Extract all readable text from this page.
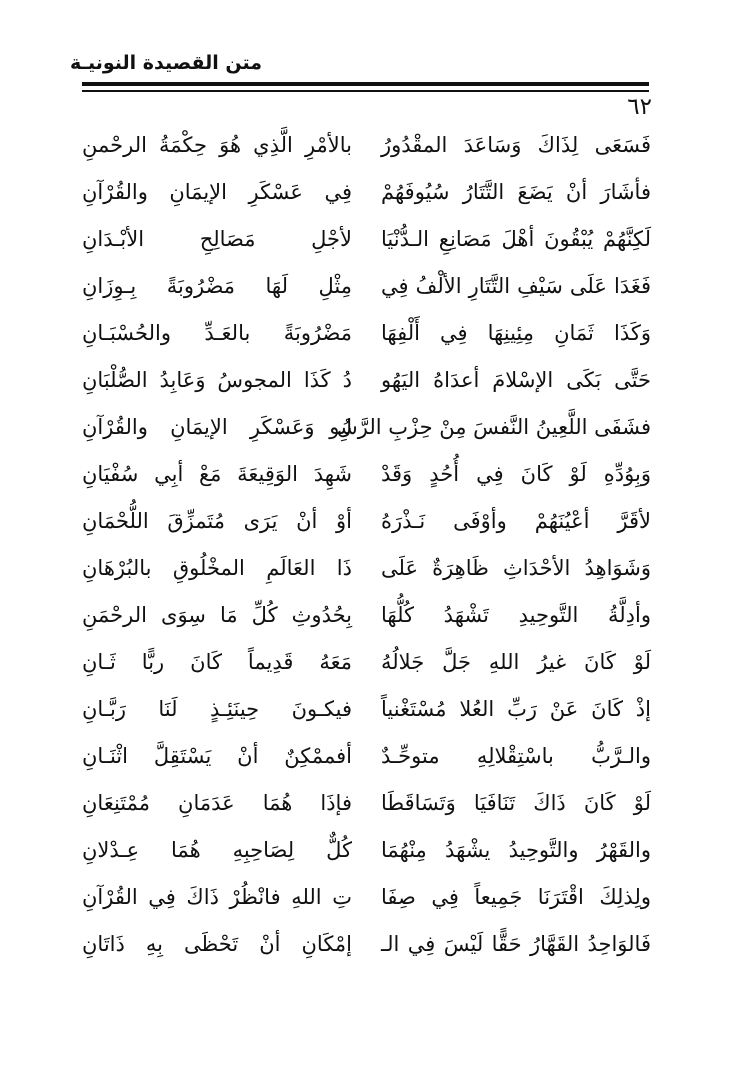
متن القصيدة النونيـة
٦٢
فَسَعَى لِذَاكَ وَسَاعَدَ المقْدُورُ
بالأمْرِ الَّذِي هُوَ حِكْمَةُ الرحْمنِ
فأشَارَ أنْ يَضَعَ التَّتَارُ سُيُوفَهُمْ
فِي عَسْكَرِ الإيمَانِ والقُرْآنِ
لَكِنَّهُمْ يُبْقُونَ أهْلَ مَصَانِعِ الـدُّنْيَا
لأجْلِ مَصَالِحِ الأبْـدَانِ
فَغَدَا عَلَى سَيْفِ التَّتَارِ الألْفُ فِي
مِثْلِ لَهَا مَضْرُوبَةً بِـوِزَانِ
وَكَذَا ثَمَانِ مِئِينِهَا فِي أَلْفِهَا
مَضْرُوبَةً بالعَـدِّ والحُسْبَـانِ
حَتَّى بَكَى الإسْلامَ أعدَاهُ اليَهُو
دُ كَذَا المجوسُ وَعَابِدُ الصُّلْبَانِ
فشَفَى اللَّعِينُ النَّفسَ مِنْ حِزْبِ الرَّسُو
لِ وَعَسْكَرِ الإيمَانِ والقُرْآنِ
وَبِوُدِّهِ لَوْ كَانَ فِي أُحُدٍ وَقَدْ
شَهِدَ الوَقِيعَةَ مَعْ أبِي سُفْيَانِ
لأقَرَّ أعْيُنَهُمْ وأوْفَى نَـذْرَهُ
أوْ أنْ يَرَى مُتَمزِّقَ اللُّحْمَانِ
وَشَوَاهِدُ الأحْدَاثِ ظَاهِرَةٌ عَلَى
ذَا العَالَمِ المخْلُوقِ بالبُرْهَانِ
وأدِلَّةُ التَّوحِيدِ تَشْهَدُ كُلُّهَا
بِحُدُوثِ كُلِّ مَا سِوَى الرحْمَنِ
لَوْ كَانَ غيرُ اللهِ جَلَّ جَلالُهُ
مَعَهُ قَدِيماً كَانَ ربًّا ثَـانِ
إذْ كَانَ عَنْ رَبِّ العُلا مُسْتَغْنياً
فيكـونَ حِينَئِـذٍ لَنَا رَبَّـانِ
والـرَّبُّ باسْتِقْلالِهِ متوحِّـدٌ
أفممْكِنٌ أنْ يَسْتَقِلَّ اثْنَـانِ
لَوْ كَانَ ذَاكَ تَنَافَيَا وَتَسَاقَطَا
فإذَا هُمَا عَدَمَانِ مُمْتَنِعَانِ
والقَهْرُ والتَّوحِيدُ يشْهَدُ مِنْهُمَا
كُلٌّ لِصَاحِبِهِ هُمَا عِـدْلانِ
ولِذلِكَ اقْتَرَنَا جَمِيعاً فِي صِفَا
تِ اللهِ فانْظُرْ ذَاكَ فِي القُرْآنِ
فَالوَاحِدُ القَهَّارُ حَقًّا لَيْسَ فِي الـ
إمْكَانِ أنْ تَحْظَى بِهِ ذَاتَانِ
